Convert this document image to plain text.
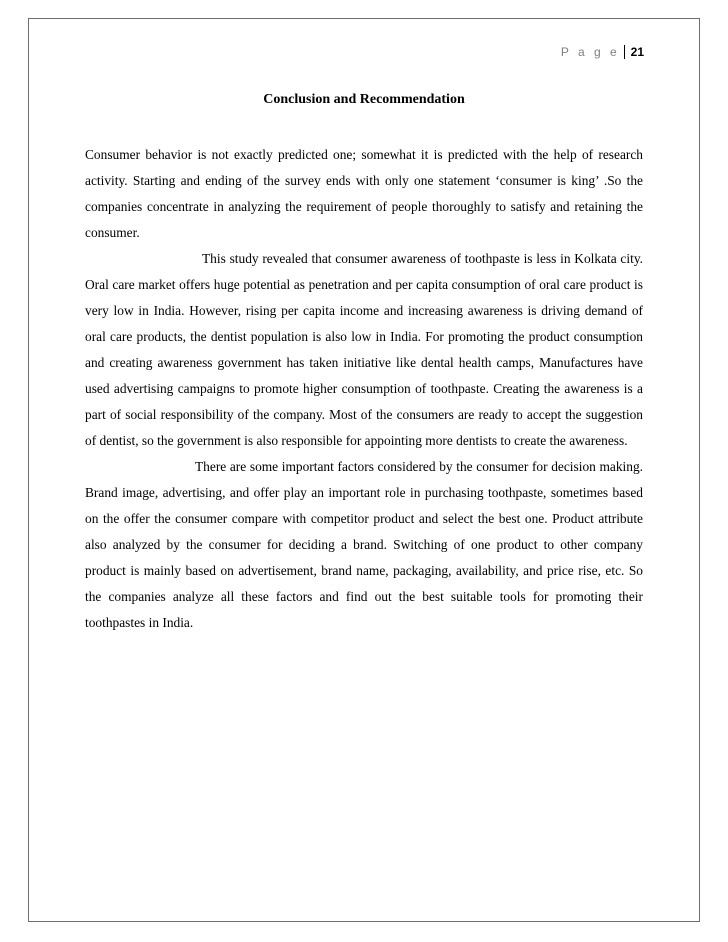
P a g e 21
Conclusion and Recommendation

Consumer behavior is not exactly predicted one; somewhat it is predicted with the help of research activity. Starting and ending of the survey ends with only one statement ‘consumer is king’ .So the companies concentrate in analyzing the requirement of people thoroughly to satisfy and retaining the consumer.

This study revealed that consumer awareness of toothpaste is less in Kolkata city. Oral care market offers huge potential as penetration and per capita consumption of oral care product is very low in India. However, rising per capita income and increasing awareness is driving demand of oral care products, the dentist population is also low in India. For promoting the product consumption and creating awareness government has taken initiative like dental health camps, Manufactures have used advertising campaigns to promote higher consumption of toothpaste. Creating the awareness is a part of social responsibility of the company. Most of the consumers are ready to accept the suggestion of dentist, so the government is also responsible for appointing more dentists to create the awareness.

There are some important factors considered by the consumer for decision making. Brand image, advertising, and offer play an important role in purchasing toothpaste, sometimes based on the offer the consumer compare with competitor product and select the best one. Product attribute also analyzed by the consumer for deciding a brand. Switching of one product to other company product is mainly based on advertisement, brand name, packaging, availability, and price rise, etc. So the companies analyze all these factors and find out the best suitable tools for promoting their toothpastes in India.
